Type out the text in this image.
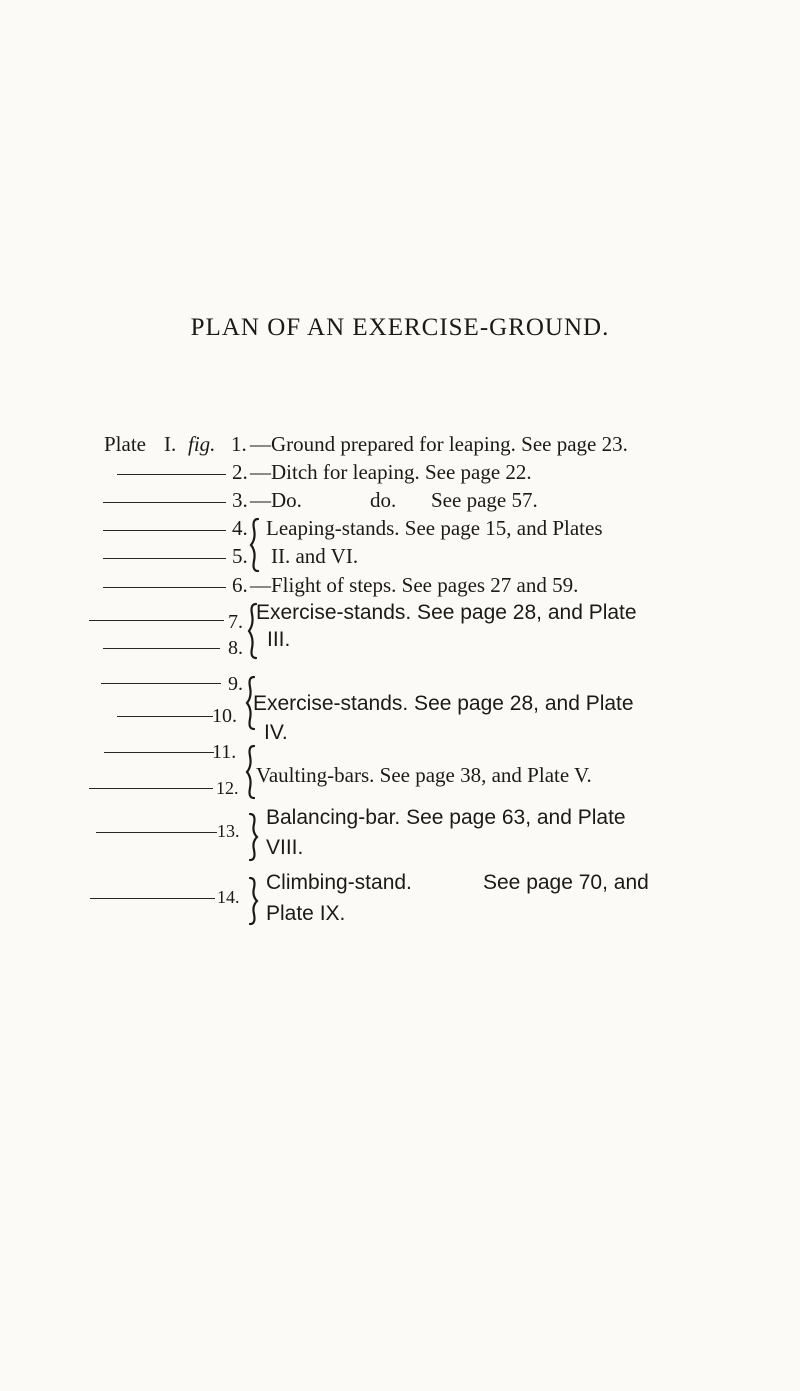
PLAN OF AN EXERCISE-GROUND.
Plate I. fig. 1. —Ground prepared for leaping. See page 23.
2. —Ditch for leaping. See page 22.
3. —Do.	do. See page 57.
4. Leaping-stands. See page 15, and Plates
5. II. and VI.
6. —Flight of steps. See pages 27 and 59.
7. Exercise-stands. See page 28, and Plate
8. III.
9.
10.
Exercise-stands. See page 28, and Plate
IV.
11.
12.
Vaulting-bars. See page 38, and Plate V.
13.
Balancing-bar. See page 63, and Plate
VIII.
14.
Climbing-stand.	See page 70, and
Plate IX.
